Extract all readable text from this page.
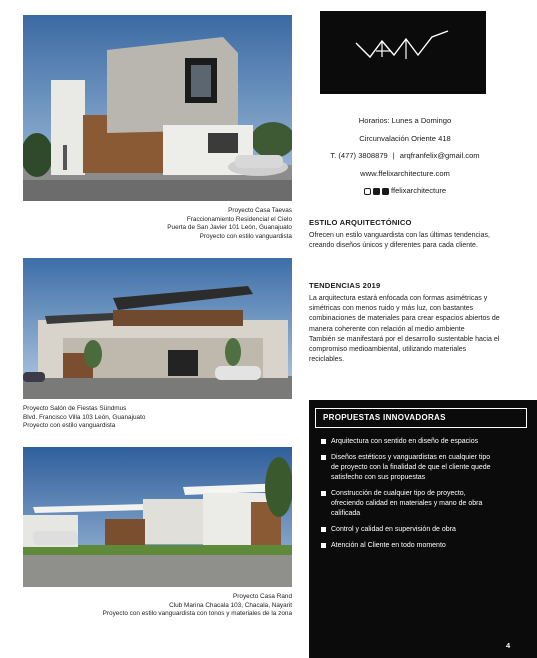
Proyecto Casa Taevas
Fraccionamiento Residencial el Cielo
Puerta de San Javier 101 León, Guanajuato
Proyecto con estilo vanguardista
Proyecto Salón de Fiestas Sündmus
Blvd. Francisco Villa 103 León, Guanajuato
Proyecto con estilo vanguardista
Proyecto Casa Rand
Club Marina Chacala 103, Chacala, Nayarit
Proyecto con estilo vanguardista con tonos y materiales de la zona
Horarios: Lunes a Domingo
Circunvalación Oriente 418
T. (477) 3808879 | arqfranfelix@gmail.com
www.ffelixarchitecture.com
ffelixarchitecture
ESTILO ARQUITECTÓNICO

Ofrecen un estilo vanguardista con las últimas tendencias, creando diseños únicos y diferentes para cada cliente.

TENDENCIAS 2019

La arquitectura estará enfocada con formas asimétricas y simétricas con menos ruido y más luz, con bastantes combinaciones de materiales para crear espacios abiertos de manera coherente con relación al medio ambiente

También se manifestará por el desarrollo sustentable hacia el compromiso medioambiental, utilizando materiales reciclables.

PROPUESTAS INNOVADORAS
Arquitectura con sentido en diseño de espacios
Diseños estéticos y vanguardistas en cualquier tipo de proyecto con la finalidad de que el cliente quede satisfecho con sus propuestas
Construcción de cualquier tipo de proyecto, ofreciendo calidad en materiales y mano de obra calificada
Control y calidad en supervisión de obra
Atención al Cliente en todo momento
4
